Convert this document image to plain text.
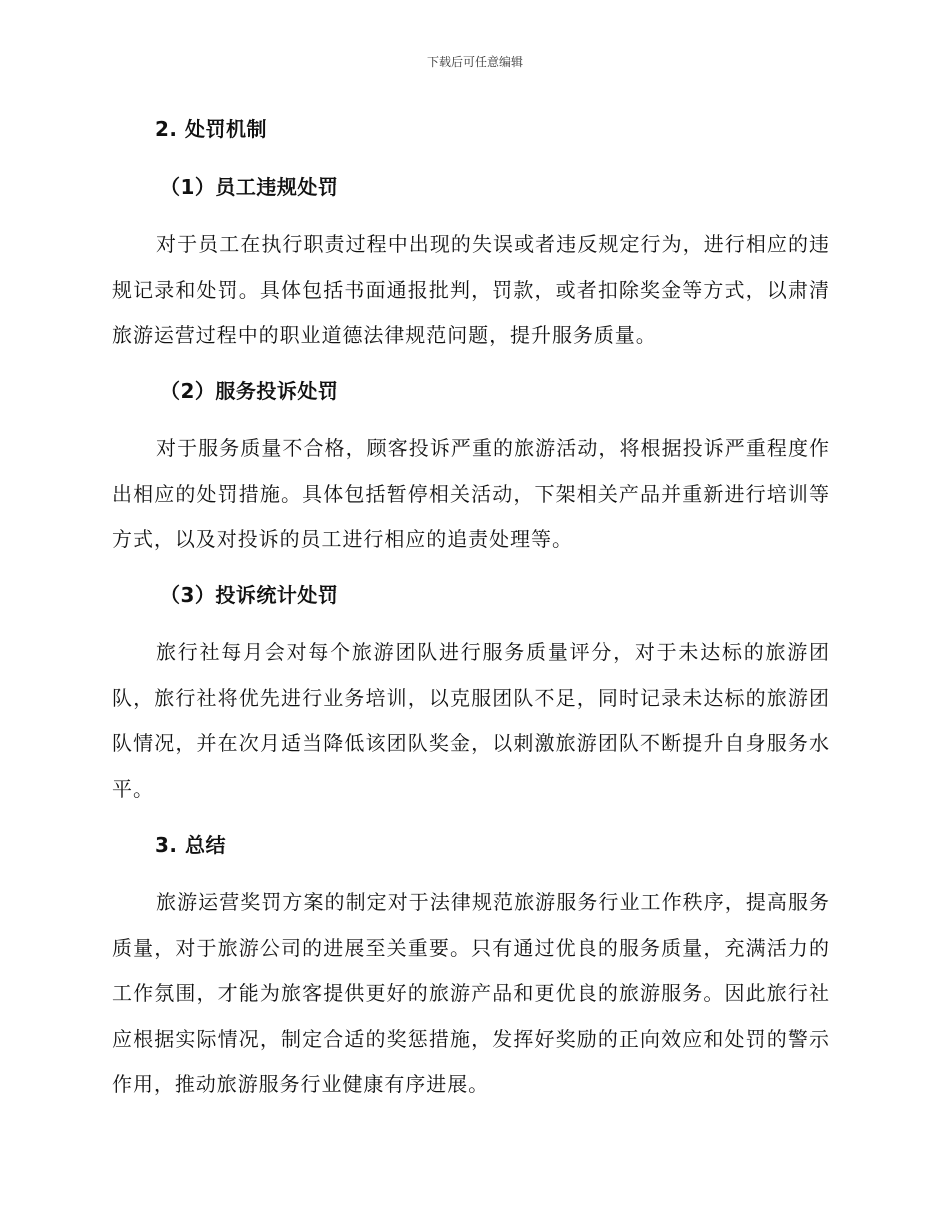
下载后可任意编辑
2. 处罚机制
（1）员工违规处罚

对于员工在执行职责过程中出现的失误或者违反规定行为，进行相应的违规记录和处罚。具体包括书面通报批判，罚款，或者扣除奖金等方式，以肃清旅游运营过程中的职业道德法律规范问题，提升服务质量。

（2）服务投诉处罚

对于服务质量不合格，顾客投诉严重的旅游活动，将根据投诉严重程度作出相应的处罚措施。具体包括暂停相关活动，下架相关产品并重新进行培训等方式，以及对投诉的员工进行相应的追责处理等。

（3）投诉统计处罚

旅行社每月会对每个旅游团队进行服务质量评分，对于未达标的旅游团队，旅行社将优先进行业务培训，以克服团队不足，同时记录未达标的旅游团队情况，并在次月适当降低该团队奖金，以刺激旅游团队不断提升自身服务水平。

3. 总结

旅游运营奖罚方案的制定对于法律规范旅游服务行业工作秩序，提高服务质量，对于旅游公司的进展至关重要。只有通过优良的服务质量，充满活力的工作氛围，才能为旅客提供更好的旅游产品和更优良的旅游服务。因此旅行社应根据实际情况，制定合适的奖惩措施，发挥好奖励的正向效应和处罚的警示作用，推动旅游服务行业健康有序进展。
